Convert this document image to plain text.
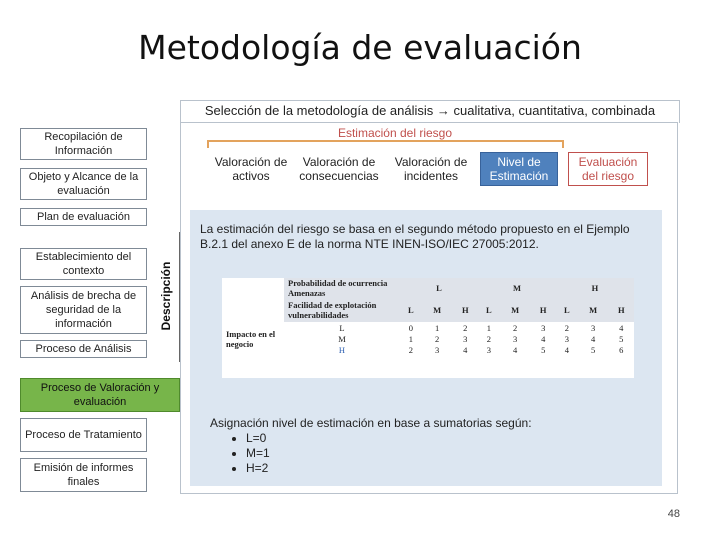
Metodología de evaluación
Selección de la metodología de análisis → cualitativa, cuantitativa, combinada
Recopilación de Información
Objeto y Alcance de la evaluación
Plan de evaluación
Establecimiento del contexto
Análisis de brecha de seguridad de la información
Proceso de Análisis
Proceso de Valoración y evaluación
Proceso de Tratamiento
Emisión de informes finales
Estimación del riesgo
Valoración de activos
Valoración de consecuencias
Valoración de incidentes
Nivel de Estimación
Evaluación del riesgo
Descripción
La estimación del riesgo se basa en el segundo método propuesto en el Ejemplo B.2.1 del anexo E de la norma NTE INEN-ISO/IEC 27005:2012.
	Probabilidad de ocurrencia Amenazas	L			M			H		
	Facilidad de explotación vulnerabilidades	L	M	H	L	M	H	L	M	H
Impacto en el negocio	L	0	1	2	1	2	3	2	3	4
	M	1	2	3	2	3	4	3	4	5
	H	2	3	4	3	4	5	4	5	6
Asignación nivel de estimación en base a sumatorias según:
• L=0
• M=1
• H=2
48
